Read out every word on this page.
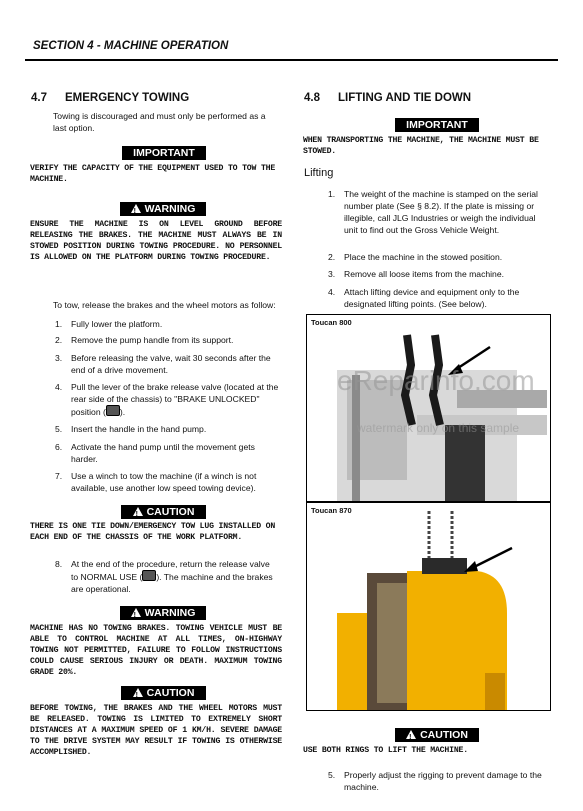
SECTION 4 - MACHINE OPERATION
4.7 EMERGENCY TOWING
Towing is discouraged and must only be performed as a last option.
IMPORTANT
VERIFY THE CAPACITY OF THE EQUIPMENT USED TO TOW THE MACHINE.
!WARNING
ENSURE THE MACHINE IS ON LEVEL GROUND BEFORE RELEASING THE BRAKES. THE MACHINE MUST ALWAYS BE IN STOWED POSITION DURING TOWING PROCEDURE. NO PERSONNEL IS ALLOWED ON THE PLATFORM DURING TOWING PROCEDURE.
To tow, release the brakes and the wheel motors as follow:
1. Fully lower the platform.
2. Remove the pump handle from its support.
3. Before releasing the valve, wait 30 seconds after the end of a drive movement.
4. Pull the lever of the brake release valve (located at the rear side of the chassis) to "BRAKE UNLOCKED" position ( ).
5. Insert the handle in the hand pump.
6. Activate the hand pump until the movement gets harder.
7. Use a winch to tow the machine (if a winch is not available, use another low speed towing device).
!CAUTION
THERE IS ONE TIE DOWN/EMERGENCY TOW LUG INSTALLED ON EACH END OF THE CHASSIS OF THE WORK PLATFORM.
8. At the end of the procedure, return the release valve to NORMAL USE ( ). The machine and the brakes are operational.
!WARNING
MACHINE HAS NO TOWING BRAKES. TOWING VEHICLE MUST BE ABLE TO CONTROL MACHINE AT ALL TIMES, ON-HIGHWAY TOWING NOT PERMITTED, FAILURE TO FOLLOW INSTRUCTIONS COULD CAUSE SERIOUS INJURY OR DEATH. MAXIMUM TOWING GRADE 20%.
!CAUTION
BEFORE TOWING, THE BRAKES AND THE WHEEL MOTORS MUST BE RELEASED. TOWING IS LIMITED TO EXTREMELY SHORT DISTANCES AT A MAXIMUM SPEED OF 1 KM/H. SEVERE DAMAGE TO THE DRIVE SYSTEM MAY RESULT IF TOWING IS OTHERWISE ACCOMPLISHED.
4.8 LIFTING AND TIE DOWN
IMPORTANT
WHEN TRANSPORTING THE MACHINE, THE MACHINE MUST BE STOWED.
Lifting
1. The weight of the machine is stamped on the serial number plate (See § 8.2). If the plate is missing or illegible, call JLG Industries or weigh the individual unit to find out the Gross Vehicle Weight.
2. Place the machine in the stowed position.
3. Remove all loose items from the machine.
4. Attach lifting device and equipment only to the designated lifting points. (See below).
Toucan 800
eReparinfo.com
watermark only on this sample
Toucan 870
!CAUTION
USE BOTH RINGS TO LIFT THE MACHINE.
5. Properly adjust the rigging to prevent damage to the machine.
